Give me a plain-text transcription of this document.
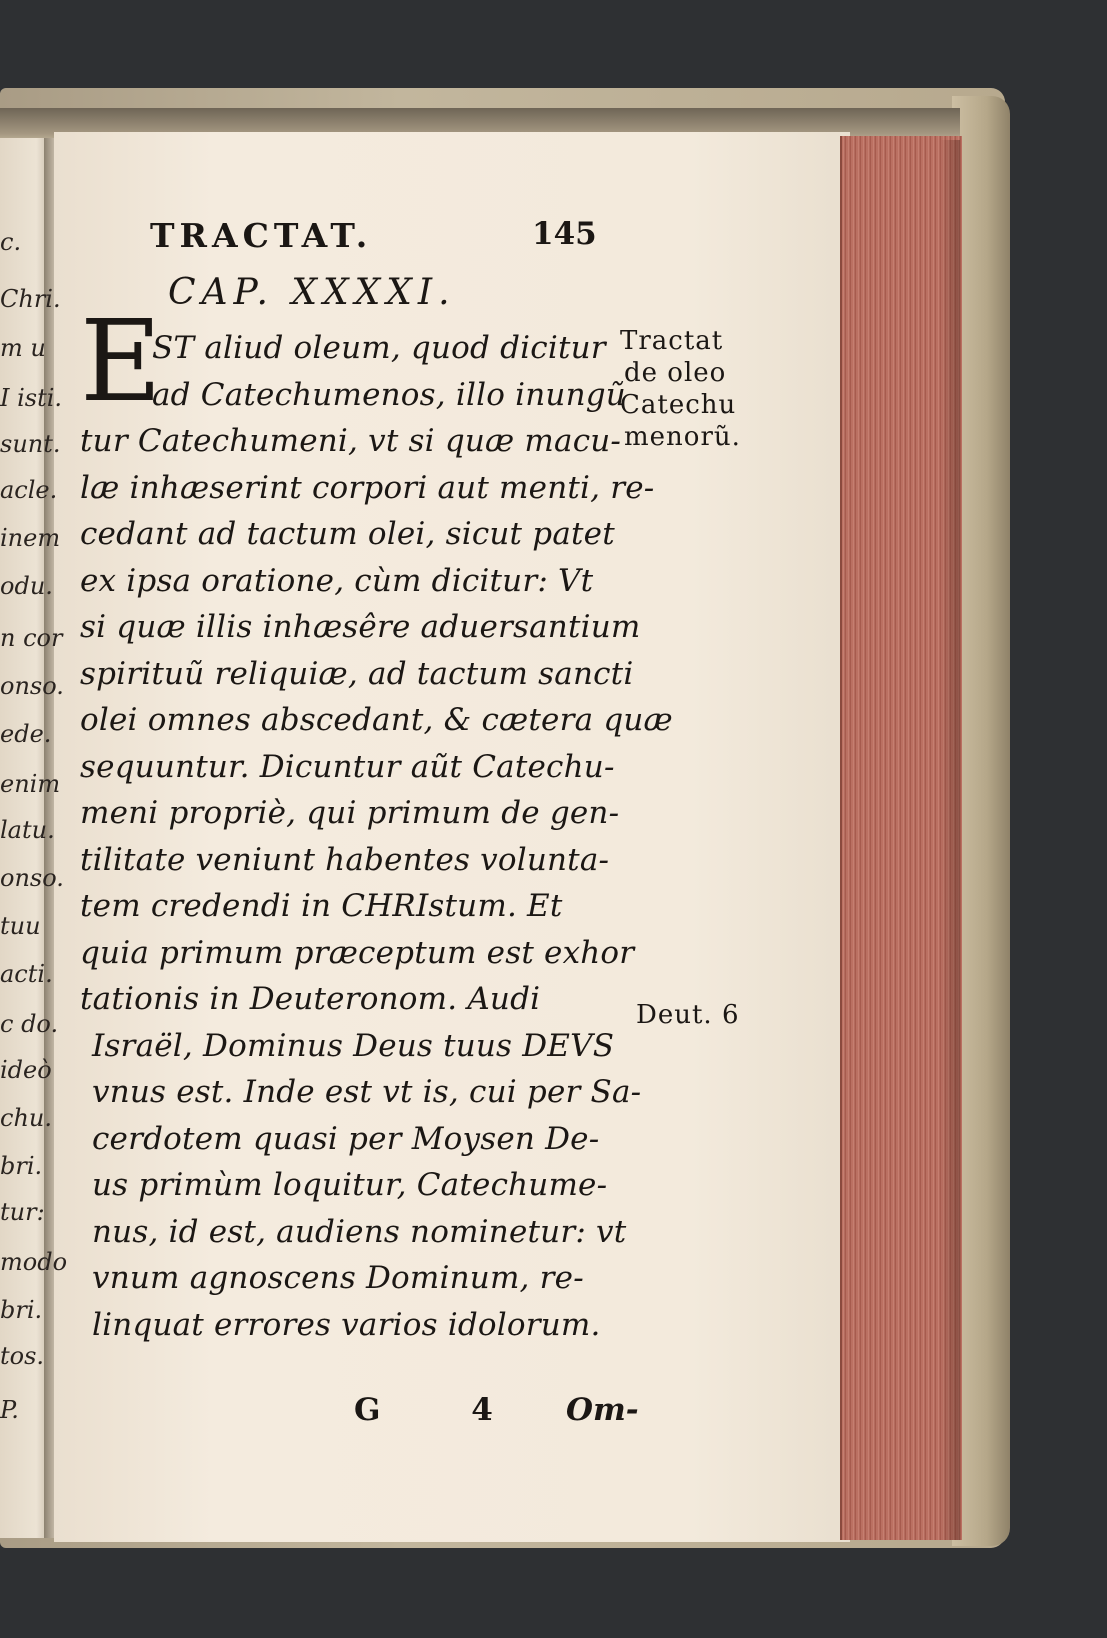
c.
Chri.
m u
I isti.
sunt.
acle.
inem
odu.
n cor
onso.
ede.
enim
latu.
onso.
tuu
acti.
c do.
ideò
chu.
bri.
tur:
modo
bri.
tos.
P.
TRACTAT.	145
CAP. XXXXI.
E
ST aliud oleum, quod dicitur
ad Catechumenos, illo inungũ
tur Catechumeni, vt si quæ macu-
læ inhæserint corpori aut menti, re-
cedant ad tactum olei, sicut patet
ex ipsa oratione, cùm dicitur: Vt
si quæ illis inhæsêre aduersantium
spirituũ reliquiæ, ad tactum sancti
olei omnes abscedant, & cætera quæ
sequuntur. Dicuntur aũt Catechu-
meni propriè, qui primum de gen-
tilitate veniunt habentes volunta-
tem credendi in CHRIstum. Et
quia primum præceptum est exhor
tationis in Deuteronom. Audi
Israël, Dominus Deus tuus DEVS
vnus est. Inde est vt is, cui per Sa-
cerdotem quasi per Moysen De-
us primùm loquitur, Catechume-
nus, id est, audiens nominetur: vt
vnum agnoscens Dominum, re-
linquat errores varios idolorum.
Tractat
de oleo
Catechu
menorũ.
Deut. 6
G 4 Om-
